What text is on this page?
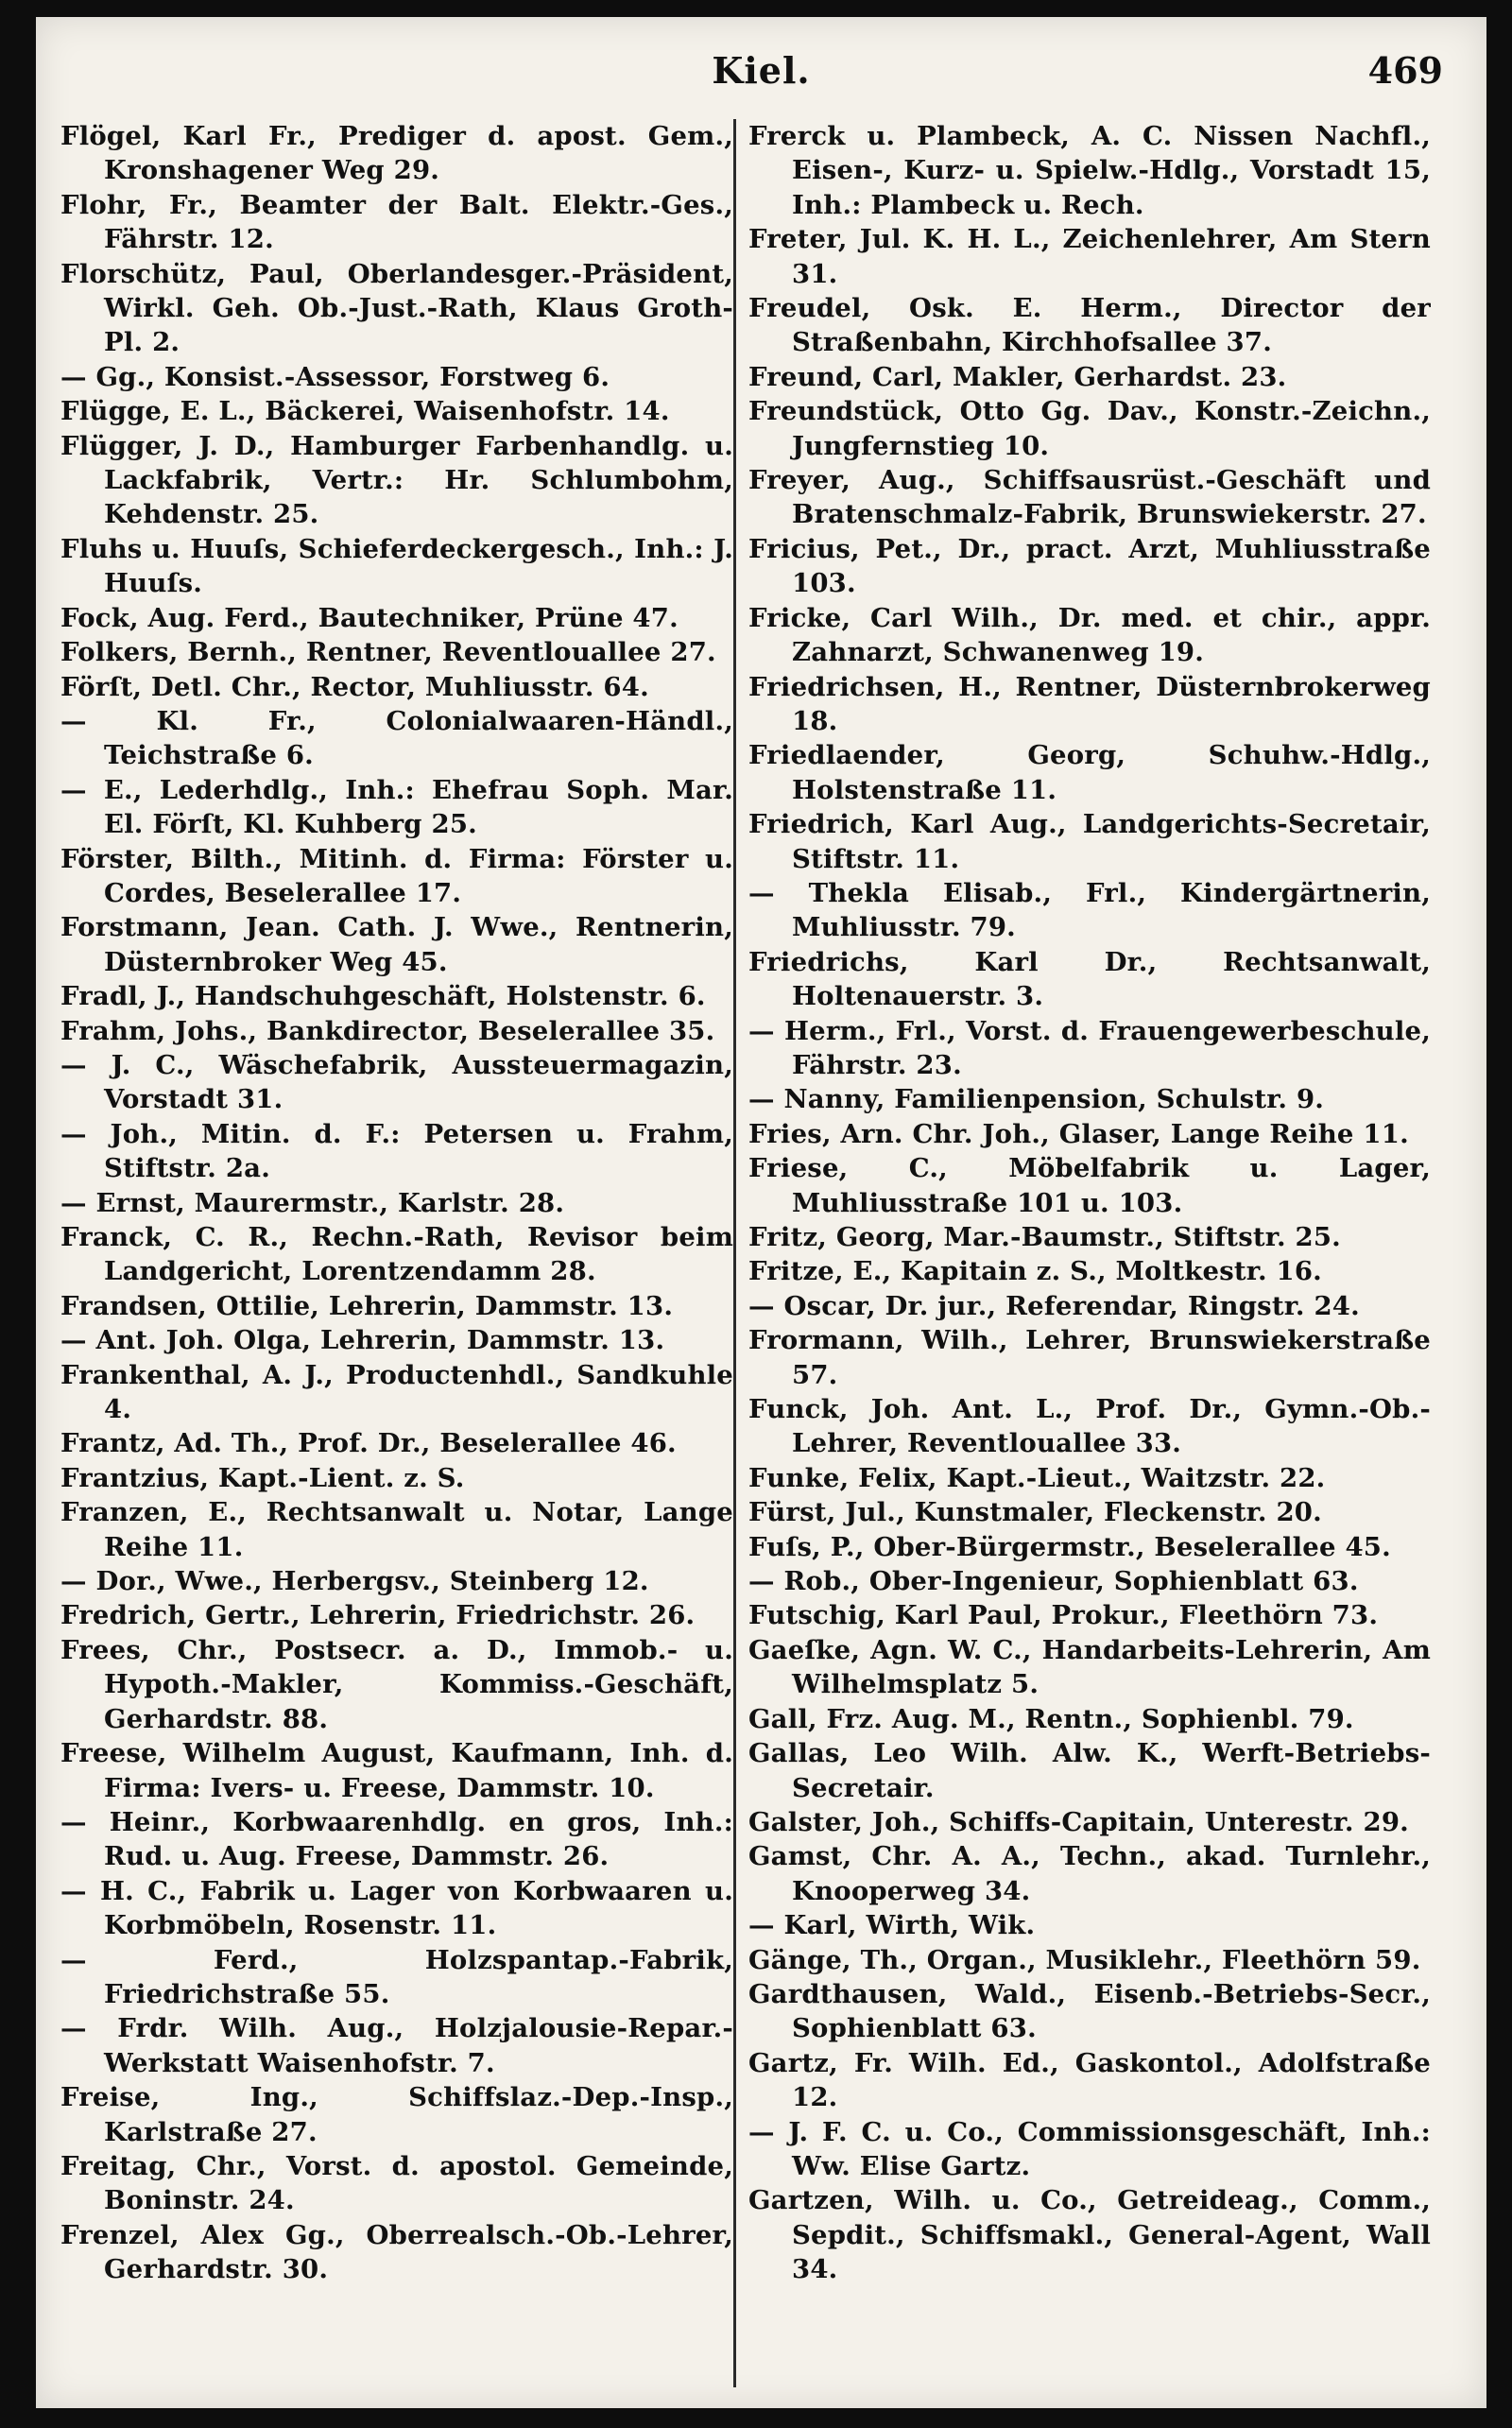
Kiel.	469
Flögel, Karl Fr., Prediger d. apost. Gem., Kronshagener Weg 29.
Flohr, Fr., Beamter der Balt. Elektr.-Ges., Fährstr. 12.
Florschütz, Paul, Oberlandesger.-Präsident, Wirkl. Geh. Ob.-Just.-Rath, Klaus Groth-Pl. 2.
— Gg., Konsist.-Assessor, Forstweg 6.
Flügge, E. L., Bäckerei, Waisenhofstr. 14.
Flügger, J. D., Hamburger Farbenhandlg. u. Lackfabrik, Vertr.: Hr. Schlumbohm, Kehdenstr. 25.
Fluhs u. Huuſs, Schieferdeckergesch., Inh.: J. Huuſs.
Fock, Aug. Ferd., Bautechniker, Prüne 47.
Folkers, Bernh., Rentner, Reventlouallee 27.
Förſt, Detl. Chr., Rector, Muhliusstr. 64.
— Kl. Fr., Colonialwaaren-Händl., Teichstraße 6.
— E., Lederhdlg., Inh.: Ehefrau Soph. Mar. El. Förſt, Kl. Kuhberg 25.
Förster, Bilth., Mitinh. d. Firma: Förster u. Cordes, Beselerallee 17.
Forstmann, Jean. Cath. J. Wwe., Rentnerin, Düsternbroker Weg 45.
Fradl, J., Handschuhgeschäft, Holstenstr. 6.
Frahm, Johs., Bankdirector, Beselerallee 35.
— J. C., Wäschefabrik, Aussteuermagazin, Vorstadt 31.
— Joh., Mitin. d. F.: Petersen u. Frahm, Stiftstr. 2a.
— Ernst, Maurermstr., Karlstr. 28.
Franck, C. R., Rechn.-Rath, Revisor beim Landgericht, Lorentzendamm 28.
Frandsen, Ottilie, Lehrerin, Dammstr. 13.
— Ant. Joh. Olga, Lehrerin, Dammstr. 13.
Frankenthal, A. J., Productenhdl., Sandkuhle 4.
Frantz, Ad. Th., Prof. Dr., Beselerallee 46.
Frantzius, Kapt.-Lient. z. S.
Franzen, E., Rechtsanwalt u. Notar, Lange Reihe 11.
— Dor., Wwe., Herbergsv., Steinberg 12.
Fredrich, Gertr., Lehrerin, Friedrichstr. 26.
Frees, Chr., Postsecr. a. D., Immob.- u. Hypoth.-Makler, Kommiss.-Geschäft, Gerhardstr. 88.
Freese, Wilhelm August, Kaufmann, Inh. d. Firma: Ivers- u. Freese, Dammstr. 10.
— Heinr., Korbwaarenhdlg. en gros, Inh.: Rud. u. Aug. Freese, Dammstr. 26.
— H. C., Fabrik u. Lager von Korbwaaren u. Korbmöbeln, Rosenstr. 11.
— Ferd., Holzspantap.-Fabrik, Friedrichstraße 55.
— Frdr. Wilh. Aug., Holzjalousie-Repar.-Werkstatt Waisenhofstr. 7.
Freise, Ing., Schiffslaz.-Dep.-Insp., Karlstraße 27.
Freitag, Chr., Vorst. d. apostol. Gemeinde, Boninstr. 24.
Frenzel, Alex Gg., Oberrealsch.-Ob.-Lehrer, Gerhardstr. 30.
Frerck u. Plambeck, A. C. Nissen Nachfl., Eisen-, Kurz- u. Spielw.-Hdlg., Vorstadt 15, Inh.: Plambeck u. Rech.
Freter, Jul. K. H. L., Zeichenlehrer, Am Stern 31.
Freudel, Osk. E. Herm., Director der Straßenbahn, Kirchhofsallee 37.
Freund, Carl, Makler, Gerhardst. 23.
Freundstück, Otto Gg. Dav., Konstr.-Zeichn., Jungfernstieg 10.
Freyer, Aug., Schiffsausrüst.-Geschäft und Bratenschmalz-Fabrik, Brunswiekerstr. 27.
Fricius, Pet., Dr., pract. Arzt, Muhliusstraße 103.
Fricke, Carl Wilh., Dr. med. et chir., appr. Zahnarzt, Schwanenweg 19.
Friedrichsen, H., Rentner, Düsternbrokerweg 18.
Friedlaender, Georg, Schuhw.-Hdlg., Holstenstraße 11.
Friedrich, Karl Aug., Landgerichts-Secretair, Stiftstr. 11.
— Thekla Elisab., Frl., Kindergärtnerin, Muhliusstr. 79.
Friedrichs, Karl Dr., Rechtsanwalt, Holtenauerstr. 3.
— Herm., Frl., Vorst. d. Frauengewerbeschule, Fährstr. 23.
— Nanny, Familienpension, Schulstr. 9.
Fries, Arn. Chr. Joh., Glaser, Lange Reihe 11.
Friese, C., Möbelfabrik u. Lager, Muhliusstraße 101 u. 103.
Fritz, Georg, Mar.-Baumstr., Stiftstr. 25.
Fritze, E., Kapitain z. S., Moltkestr. 16.
— Oscar, Dr. jur., Referendar, Ringstr. 24.
Frormann, Wilh., Lehrer, Brunswiekerstraße 57.
Funck, Joh. Ant. L., Prof. Dr., Gymn.-Ob.-Lehrer, Reventlouallee 33.
Funke, Felix, Kapt.-Lieut., Waitzstr. 22.
Fürst, Jul., Kunstmaler, Fleckenstr. 20.
Fuſs, P., Ober-Bürgermstr., Beselerallee 45.
— Rob., Ober-Ingenieur, Sophienblatt 63.
Futschig, Karl Paul, Prokur., Fleethörn 73.
Gaeſke, Agn. W. C., Handarbeits-Lehrerin, Am Wilhelmsplatz 5.
Gall, Frz. Aug. M., Rentn., Sophienbl. 79.
Gallas, Leo Wilh. Alw. K., Werft-Betriebs-Secretair.
Galster, Joh., Schiffs-Capitain, Unterestr. 29.
Gamst, Chr. A. A., Techn., akad. Turnlehr., Knooperweg 34.
— Karl, Wirth, Wik.
Gänge, Th., Organ., Musiklehr., Fleethörn 59.
Gardthausen, Wald., Eisenb.-Betriebs-Secr., Sophienblatt 63.
Gartz, Fr. Wilh. Ed., Gaskontol., Adolfstraße 12.
— J. F. C. u. Co., Commissionsgeschäft, Inh.: Ww. Elise Gartz.
Gartzen, Wilh. u. Co., Getreideag., Comm., Sepdit., Schiffsmakl., General-Agent, Wall 34.
